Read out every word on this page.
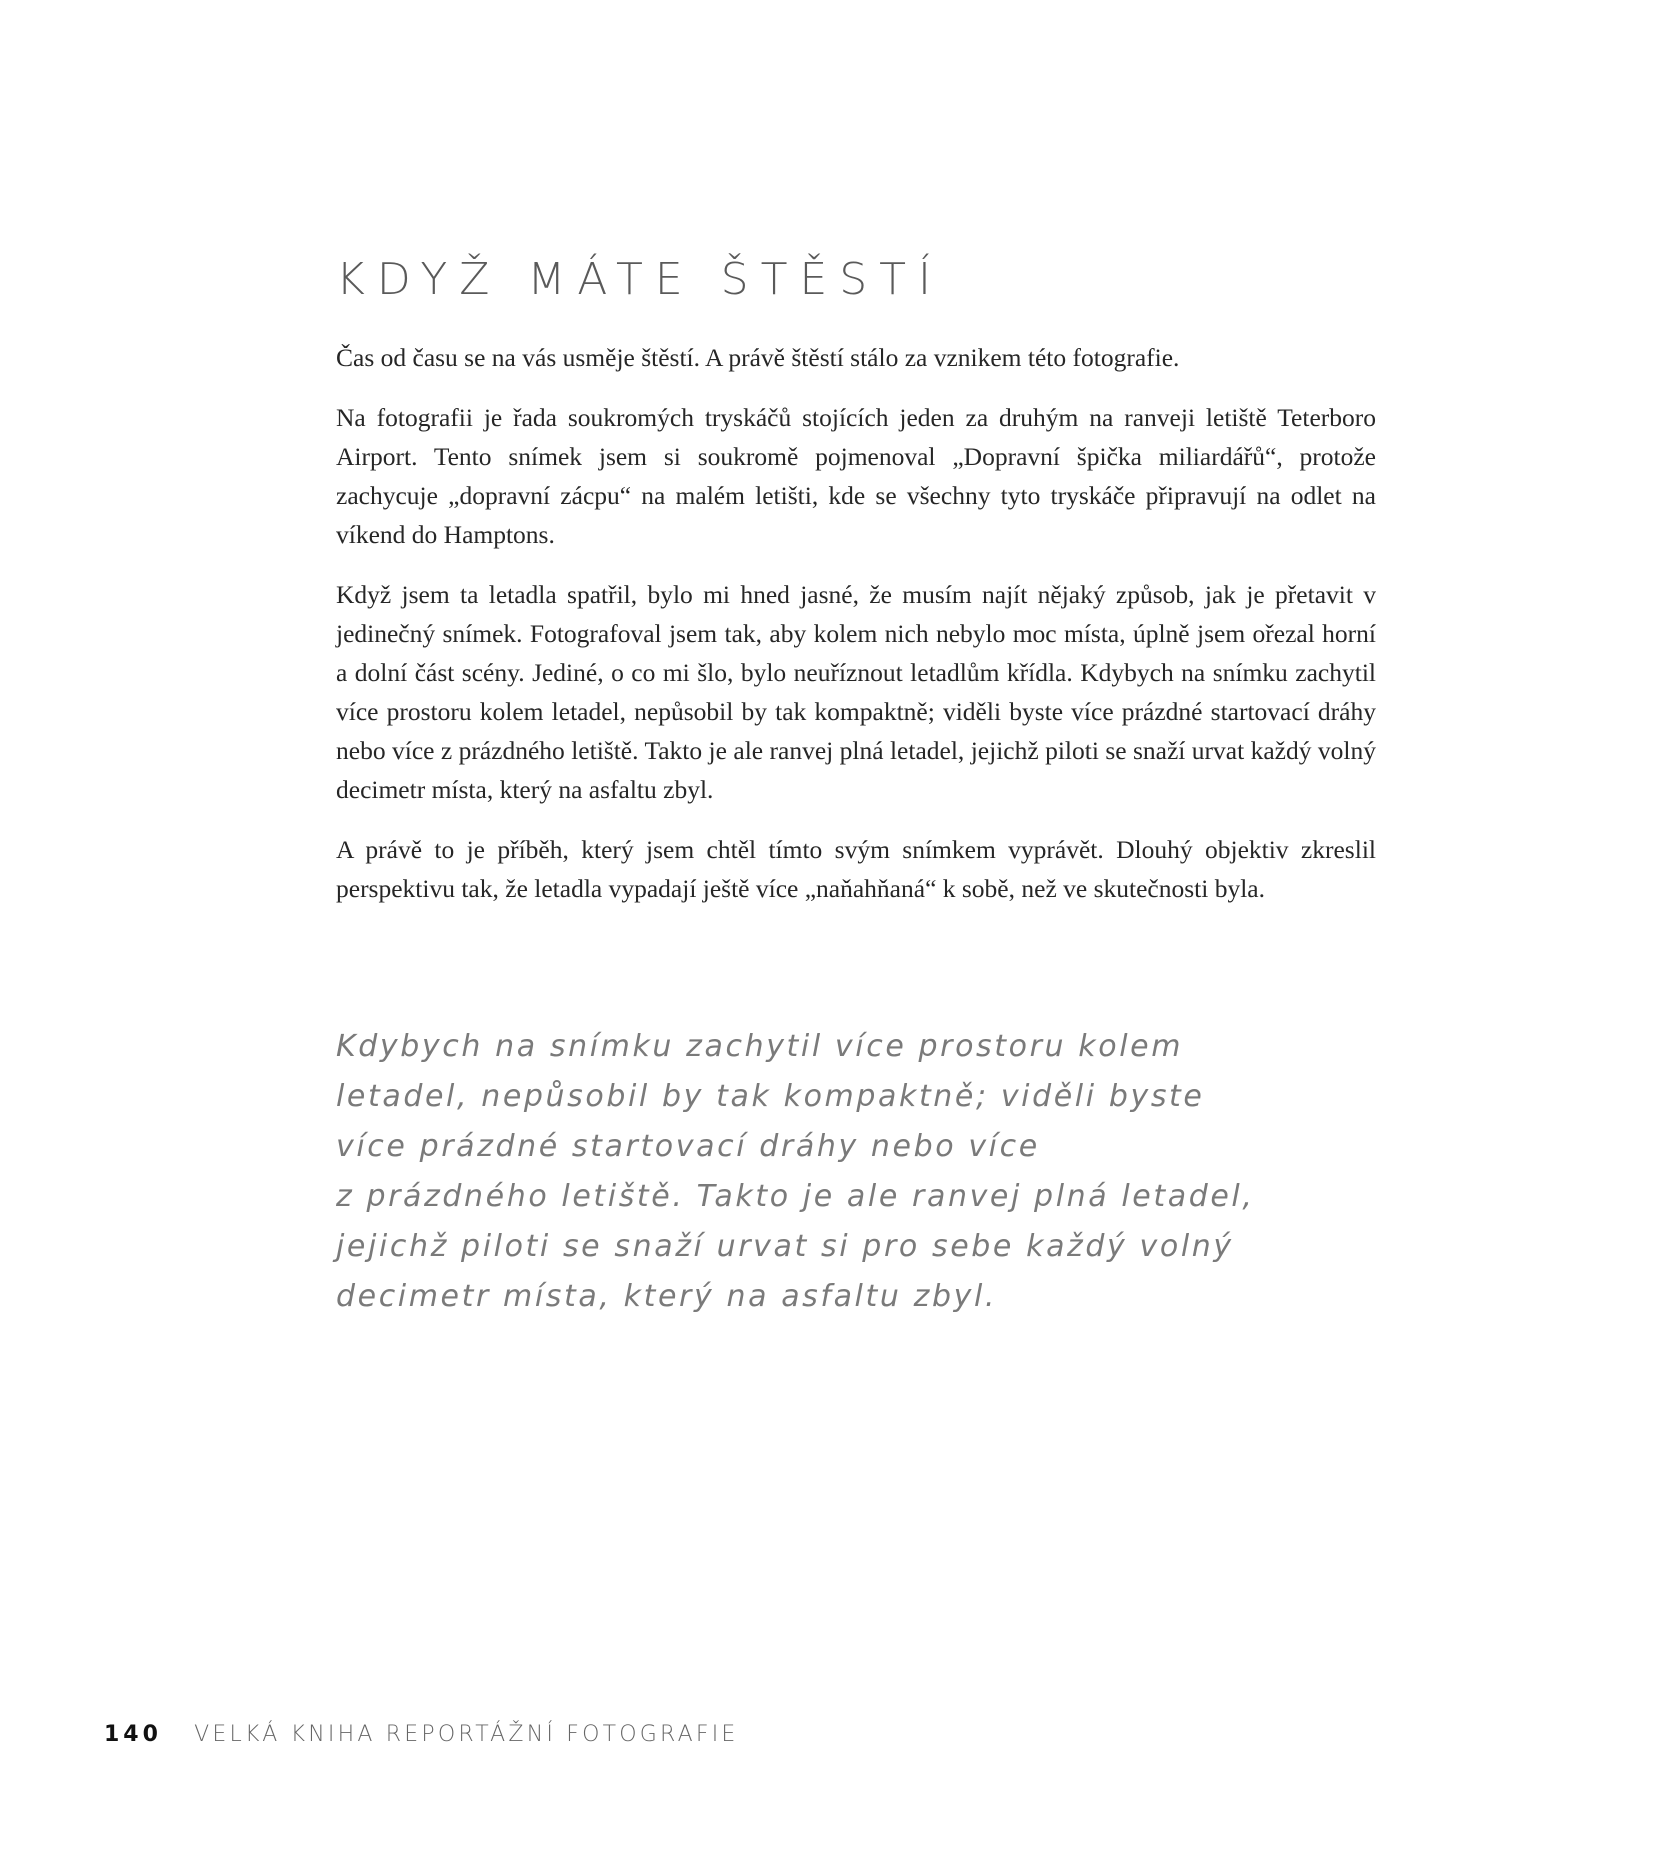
KDYŽ MÁTE ŠTĚSTÍ

Čas od času se na vás usměje štěstí. A právě štěstí stálo za vznikem této fotografie.

Na fotografii je řada soukromých tryskáčů stojících jeden za druhým na ranveji letiště Teterboro Airport. Tento snímek jsem si soukromě pojmenoval „Dopravní špička miliardářů“, protože zachycuje „dopravní zácpu“ na malém letišti, kde se všechny tyto tryskáče připravují na odlet na víkend do Hamptons.

Když jsem ta letadla spatřil, bylo mi hned jasné, že musím najít nějaký způsob, jak je přetavit v jedinečný snímek. Fotografoval jsem tak, aby kolem nich nebylo moc místa, úplně jsem ořezal horní a dolní část scény. Jediné, o co mi šlo, bylo neuříznout letadlům křídla. Kdybych na snímku zachytil více prostoru kolem letadel, nepůsobil by tak kompaktně; viděli byste více prázdné startovací dráhy nebo více z prázdného letiště. Takto je ale ranvej plná letadel, jejichž piloti se snaží urvat každý volný decimetr místa, který na asfaltu zbyl.

A právě to je příběh, který jsem chtěl tímto svým snímkem vyprávět. Dlouhý objektiv zkreslil perspektivu tak, že letadla vypadají ještě více „naňahňaná“ k sobě, než ve skutečnosti byla.

Kdybych na snímku zachytil více prostoru kolem
letadel, nepůsobil by tak kompaktně; viděli byste
více prázdné startovací dráhy nebo více
z prázdného letiště. Takto je ale ranvej plná letadel,
jejichž piloti se snaží urvat si pro sebe každý volný
decimetr místa, který na asfaltu zbyl.
140 VELKÁ KNIHA REPORTÁŽNÍ FOTOGRAFIE
